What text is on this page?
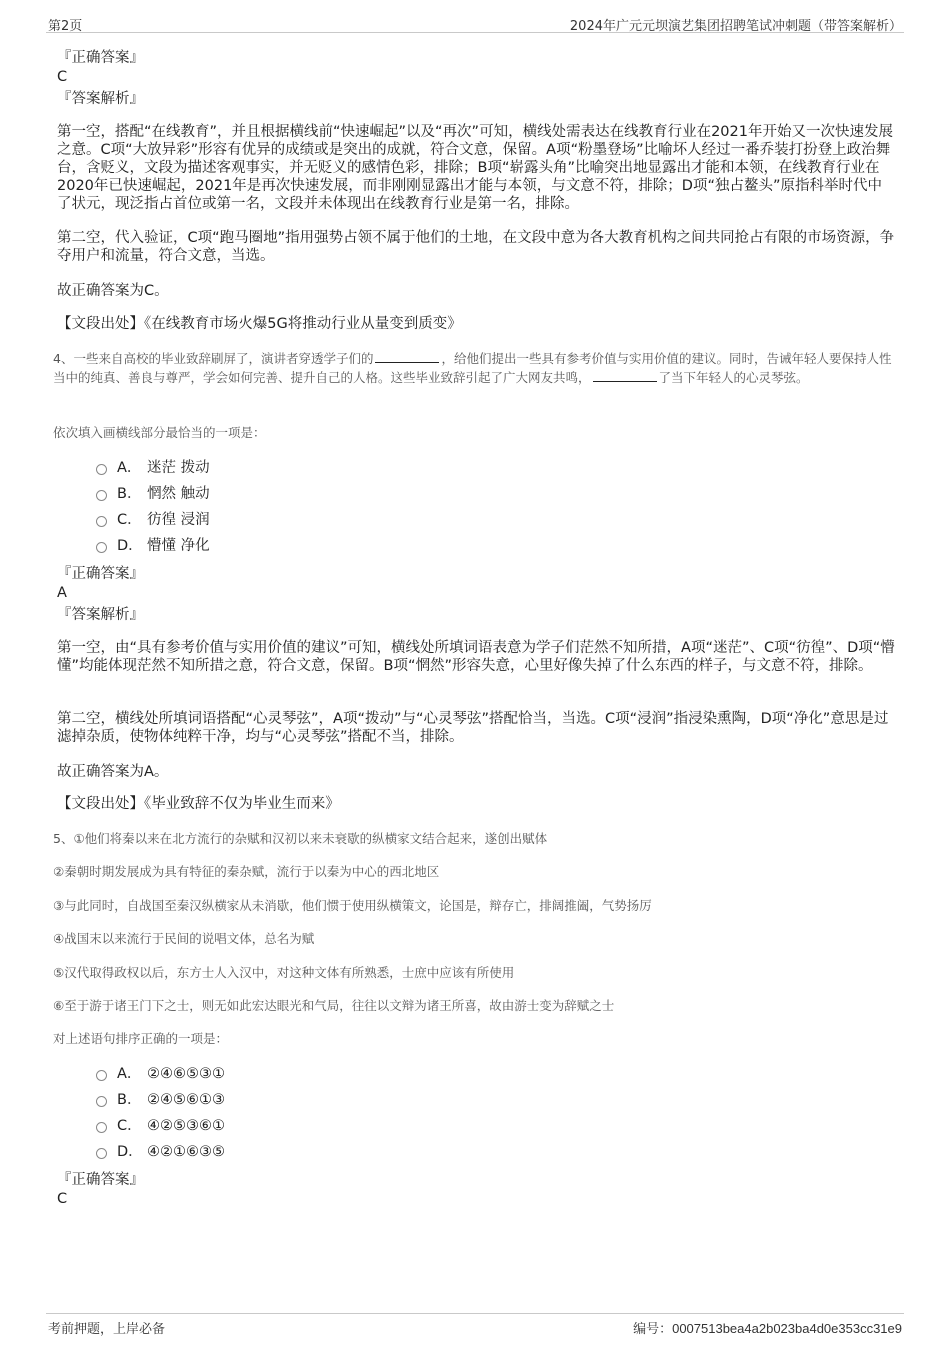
第2页	2024年广元元坝演艺集团招聘笔试冲刺题（带答案解析）
『正确答案』
C
『答案解析』

第一空，搭配“在线教育”，并且根据横线前“快速崛起”以及“再次”可知，横线处需表达在线教育行业在2021年开始又一次快速发展之意。C项“大放异彩”形容有优异的成绩或是突出的成就，符合文意，保留。A项“粉墨登场”比喻坏人经过一番乔装打扮登上政治舞台，含贬义，文段为描述客观事实，并无贬义的感情色彩，排除；B项“崭露头角”比喻突出地显露出才能和本领，在线教育行业在2020年已快速崛起，2021年是再次快速发展，而非刚刚显露出才能与本领，与文意不符，排除；D项“独占鳌头”原指科举时代中了状元，现泛指占首位或第一名，文段并未体现出在线教育行业是第一名，排除。

第二空，代入验证，C项“跑马圈地”指用强势占领不属于他们的土地，在文段中意为各大教育机构之间共同抢占有限的市场资源，争夺用户和流量，符合文意，当选。

故正确答案为C。

【文段出处】《在线教育市场火爆5G将推动行业从量变到质变》

4、一些来自高校的毕业致辞刷屏了，演讲者穿透学子们的	，给他们提出一些具有参考价值与实用价值的建议。同时，告诫年轻人要保持人性当中的纯真、善良与尊严，学会如何完善、提升自己的人格。这些毕业致辞引起了广大网友共鸣，	了当下年轻人的心灵琴弦。

依次填入画横线部分最恰当的一项是：
A． 迷茫 拨动
B． 惘然 触动
C． 彷徨 浸润
D． 懵懂 净化
『正确答案』
A
『答案解析』

第一空，由“具有参考价值与实用价值的建议”可知，横线处所填词语表意为学子们茫然不知所措，A项“迷茫”、C项“彷徨”、D项“懵懂”均能体现茫然不知所措之意，符合文意，保留。B项“惘然”形容失意，心里好像失掉了什么东西的样子，与文意不符，排除。

第二空，横线处所填词语搭配“心灵琴弦”，A项“拨动”与“心灵琴弦”搭配恰当，当选。C项“浸润”指浸染熏陶，D项“净化”意思是过滤掉杂质，使物体纯粹干净，均与“心灵琴弦”搭配不当，排除。

故正确答案为A。

【文段出处】《毕业致辞不仅为毕业生而来》
5、①他们将秦以来在北方流行的杂赋和汉初以来未衰歇的纵横家文结合起来，遂创出赋体
②秦朝时期发展成为具有特征的秦杂赋，流行于以秦为中心的西北地区
③与此同时，自战国至秦汉纵横家从未消歇，他们惯于使用纵横策文，论国是，辩存亡，排阔推阖，气势扬厉
④战国末以来流行于民间的说唱文体，总名为赋
⑤汉代取得政权以后，东方士人入汉中，对这种文体有所熟悉，士庶中应该有所使用
⑥至于游于诸王门下之士，则无如此宏达眼光和气局，往往以文辩为诸王所喜，故由游士变为辞赋之士
对上述语句排序正确的一项是：
A． ②④⑥⑤③①
B． ②④⑤⑥①③
C． ④②⑤③⑥①
D． ④②①⑥③⑤
『正确答案』
C
考前押题，上岸必备	编号：0007513bea4a2b023ba4d0e353cc31e9
